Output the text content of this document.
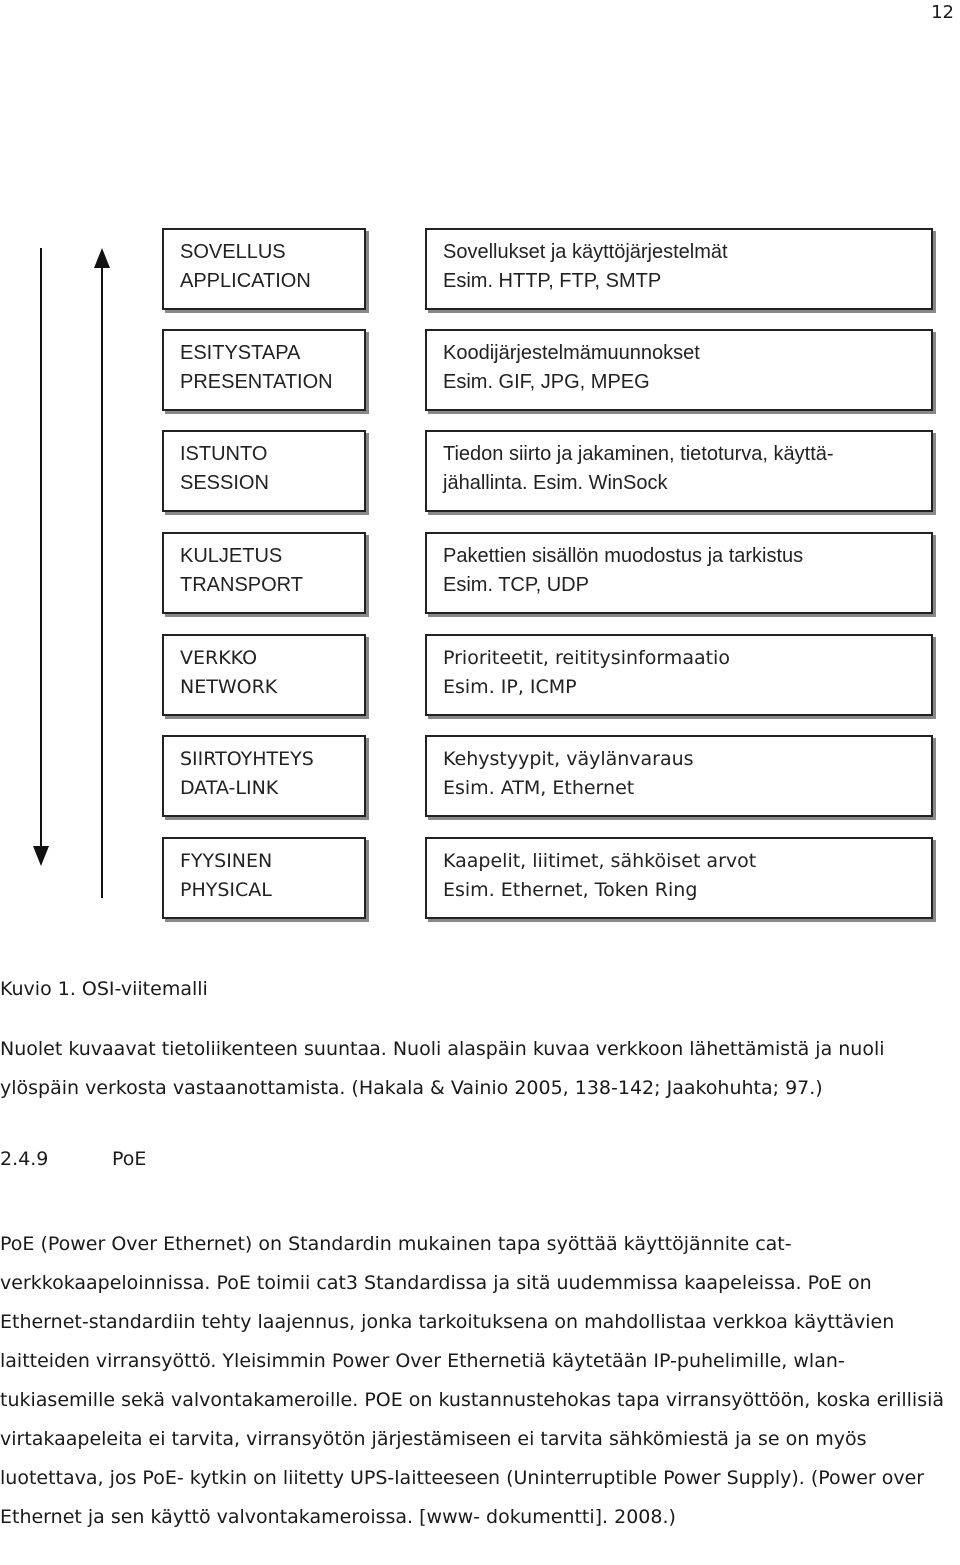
12
SOVELLUS
APPLICATION
Sovellukset ja käyttöjärjestelmät
Esim. HTTP, FTP, SMTP
ESITYSTAPA
PRESENTATION
Koodijärjestelmämuunnokset
Esim. GIF, JPG, MPEG
ISTUNTO
SESSION
Tiedon siirto ja jakaminen, tietoturva, käyttä-
jähallinta. Esim. WinSock
KULJETUS
TRANSPORT
Pakettien sisällön muodostus ja tarkistus
Esim. TCP, UDP
VERKKO
NETWORK
Prioriteetit, reititysinformaatio
Esim. IP, ICMP
SIIRTOYHTEYS
DATA-LINK
Kehystyypit, väylänvaraus
Esim. ATM, Ethernet
FYYSINEN
PHYSICAL
Kaapelit, liitimet, sähköiset arvot
Esim. Ethernet, Token Ring
Kuvio 1. OSI-viitemalli
Nuolet kuvaavat tietoliikenteen suuntaa. Nuoli alaspäin kuvaa verkkoon lähettämistä ja nuoli ylöspäin verkosta vastaanottamista. (Hakala & Vainio 2005, 138-142; Jaakohuhta; 97.)
2.4.9	PoE
PoE (Power Over Ethernet) on Standardin mukainen tapa syöttää käyttöjännite cat-verkkokaapeloinnissa. PoE toimii cat3 Standardissa ja sitä uudemmissa kaapeleissa. PoE on Ethernet-standardiin tehty laajennus, jonka tarkoituksena on mahdollistaa verkkoa käyttävien laitteiden virransyöttö. Yleisimmin Power Over Ethernetiä käytetään IP-puhelimille, wlan-tukiasemille sekä valvontakameroille. POE on kustannustehokas tapa virransyöttöön, koska erillisiä virtakaapeleita ei tarvita, virransyötön järjestämiseen ei tarvita sähkömiestä ja se on myös luotettava, jos PoE- kytkin on liitetty UPS-laitteeseen (Uninterruptible Power Supply). (Power over Ethernet ja sen käyttö valvontakameroissa. [www- dokumentti]. 2008.)
